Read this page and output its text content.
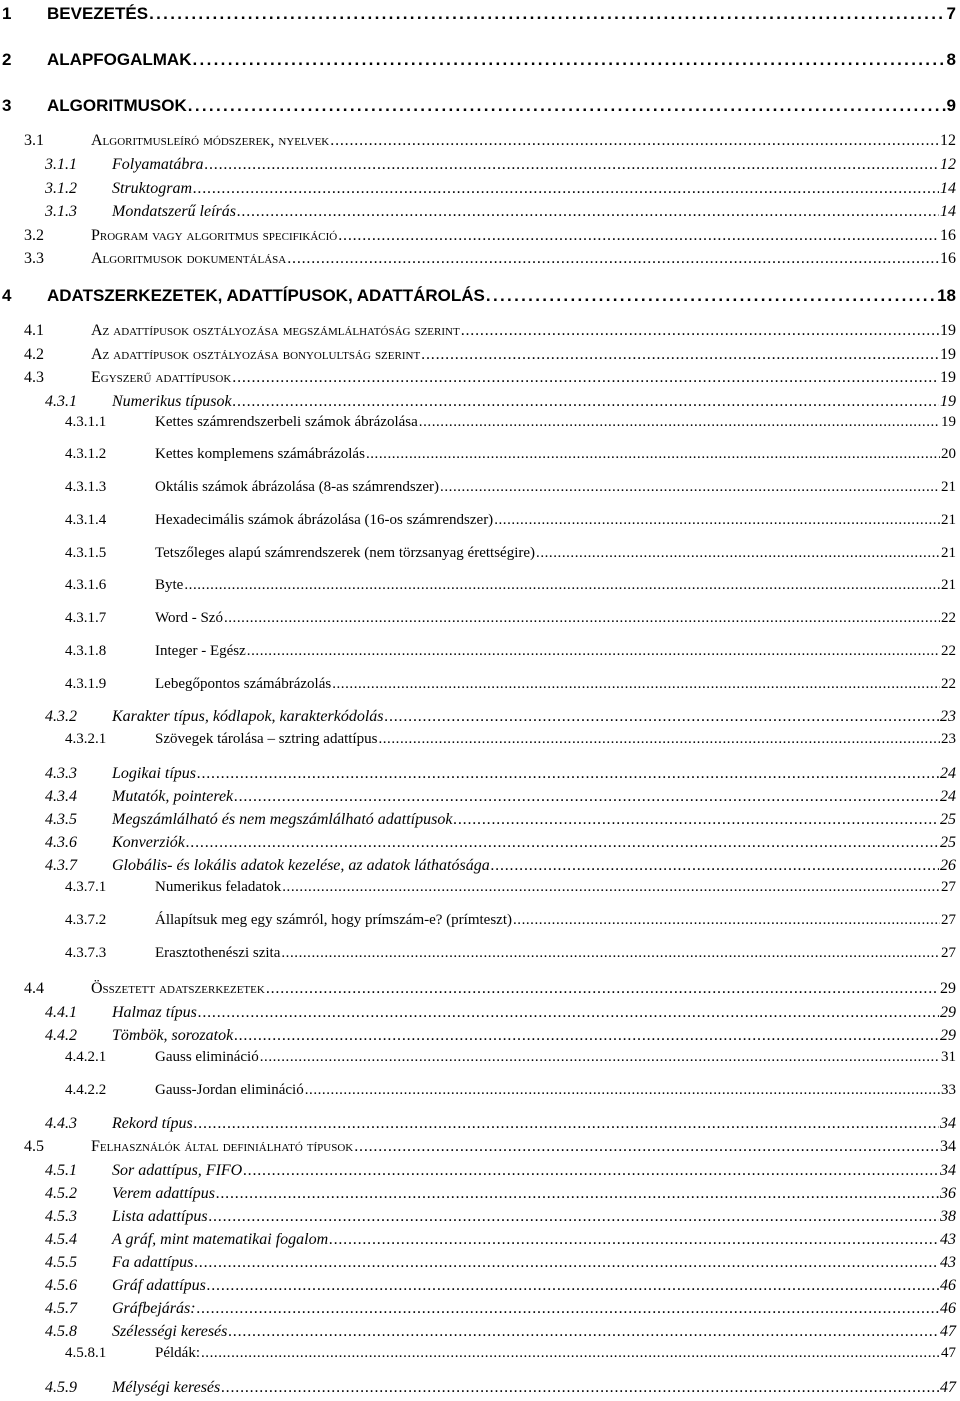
1 BEVEZETÉS . . .	7
2 ALAPFOGALMAK . . .	8
3 ALGORITMUSOK . . .	9
3.1	Algoritmusleíró módszerek, nyelvek . . .	12
3.1.1 Folyamatábra . . .	12
3.1.2 Struktogram . . .	14
3.1.3 Mondatszerű leírás . . .	14
3.2	Program vagy algoritmus specifikáció . . .	16
3.3	Algoritmusok dokumentálása . . .	16
4 ADATSZERKEZETEK, ADATTÍPUSOK, ADATTÁROLÁS . . .	18
4.1	Az adattípusok osztályozása megszámlálhatóság szerint . . .	19
4.2	Az adattípusok osztályozása bonyolultság szerint . . .	19
4.3	Egyszerű adattípusok . . .	19
4.3.1 Numerikus típusok . . .	19
4.3.1.1	Kettes számrendszerbeli számok ábrázolása . . .	19
4.3.1.2	Kettes komplemens számábrázolás . . .	20
4.3.1.3	Oktális számok ábrázolása (8-as számrendszer) . . .	21
4.3.1.4	Hexadecimális számok ábrázolása (16-os számrendszer) . . .	21
4.3.1.5	Tetszőleges alapú számrendszerek (nem törzsanyag érettségire) . . .	21
4.3.1.6	Byte . . .	21
4.3.1.7	Word - Szó . . .	22
4.3.1.8	Integer - Egész . . .	22
4.3.1.9	Lebegőpontos számábrázolás . . .	22
4.3.2 Karakter típus, kódlapok, karakterkódolás . . .	23
4.3.2.1	Szövegek tárolása – sztring adattípus . . .	23
4.3.3 Logikai típus . . .	24
4.3.4 Mutatók, pointerek . . .	24
4.3.5 Megszámlálható és nem megszámlálható adattípusok . . .	25
4.3.6 Konverziók . . .	25
4.3.7 Globális- és lokális adatok kezelése, az adatok láthatósága . . .	26
4.3.7.1	Numerikus feladatok . . .	27
4.3.7.2	Állapítsuk meg egy számról, hogy prímszám-e? (prímteszt) . . .	27
4.3.7.3	Erasztothenészi szita . . .	27
4.4	Összetett adatszerkezetek . . .	29
4.4.1 Halmaz típus . . .	29
4.4.2 Tömbök, sorozatok . . .	29
4.4.2.1	Gauss elimináció . . .	31
4.4.2.2	Gauss-Jordan elimináció . . .	33
4.4.3 Rekord típus . . .	34
4.5	Felhasználók által definiálható típusok . . .	34
4.5.1 Sor adattípus, FIFO . . .	34
4.5.2 Verem adattípus . . .	36
4.5.3 Lista adattípus . . .	38
4.5.4 A gráf, mint matematikai fogalom . . .	43
4.5.5 Fa adattípus . . .	43
4.5.6 Gráf adattípus . . .	46
4.5.7 Gráfbejárás: . . .	46
4.5.8 Szélességi keresés . . .	47
4.5.8.1	Példák: . . .	47
4.5.9 Mélységi keresés . . .	47
